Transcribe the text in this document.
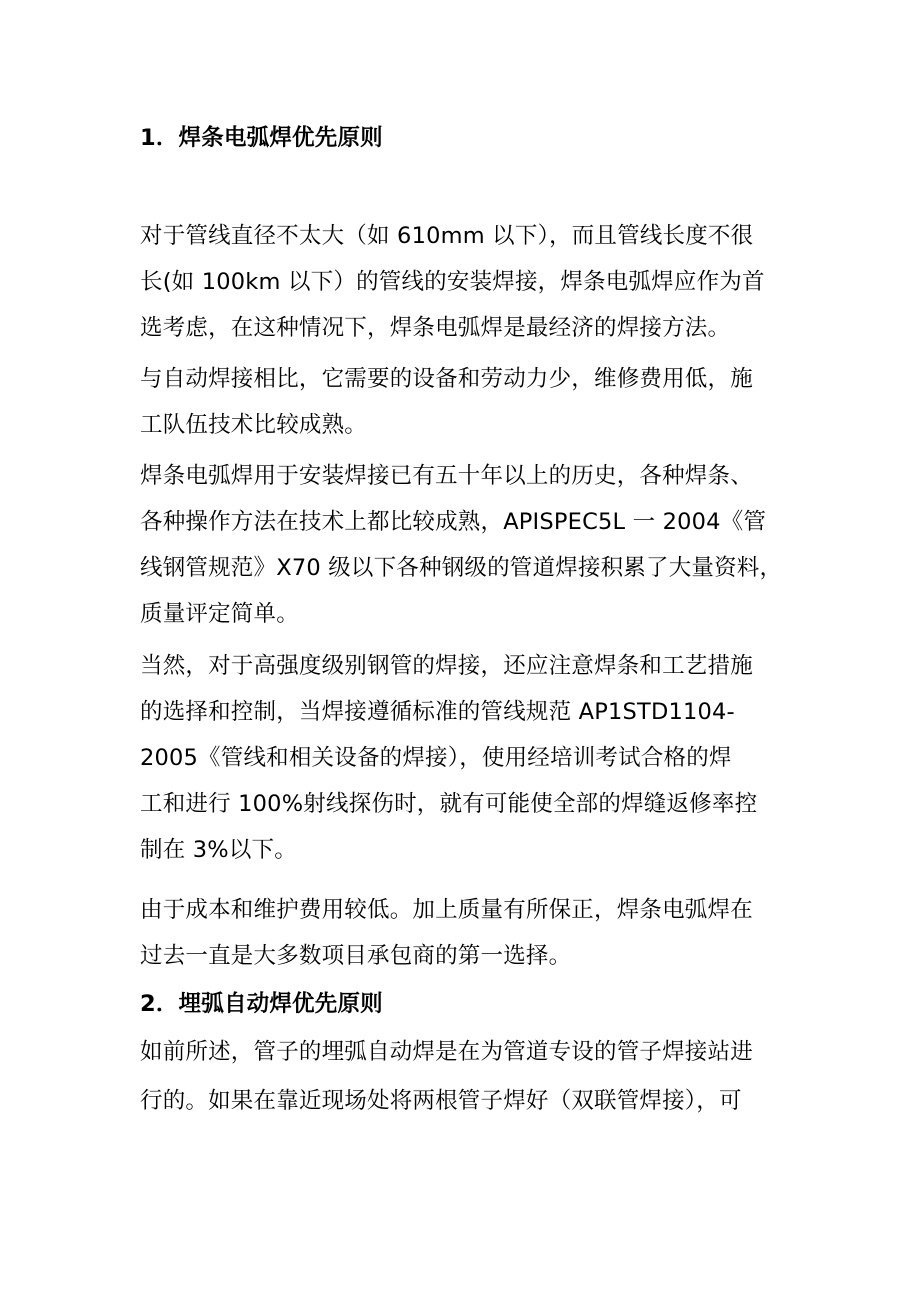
1．焊条电弧焊优先原则
对于管线直径不太大（如 610mm 以下），而且管线长度不很
长(如 100km 以下）的管线的安装焊接，焊条电弧焊应作为首
选考虑，在这种情况下，焊条电弧焊是最经济的焊接方法。
与自动焊接相比，它需要的设备和劳动力少，维修费用低，施
工队伍技术比较成熟。
焊条电弧焊用于安装焊接已有五十年以上的历史，各种焊条、
各种操作方法在技术上都比较成熟，APISPEC5L 一 2004《管
线钢管规范》X70 级以下各种钢级的管道焊接积累了大量资料，
质量评定简单。
当然，对于高强度级别钢管的焊接，还应注意焊条和工艺措施
的选择和控制，当焊接遵循标准的管线规范 AP1STD1104-
2005《管线和相关设备的焊接），使用经培训考试合格的焊
工和进行 100%射线探伤时，就有可能使全部的焊缝返修率控
制在 3%以下。
由于成本和维护费用较低。加上质量有所保正，焊条电弧焊在
过去一直是大多数项目承包商的第一选择。
2．埋弧自动焊优先原则
如前所述，管子的埋弧自动焊是在为管道专设的管子焊接站进
行的。如果在靠近现场处将两根管子焊好（双联管焊接），可
